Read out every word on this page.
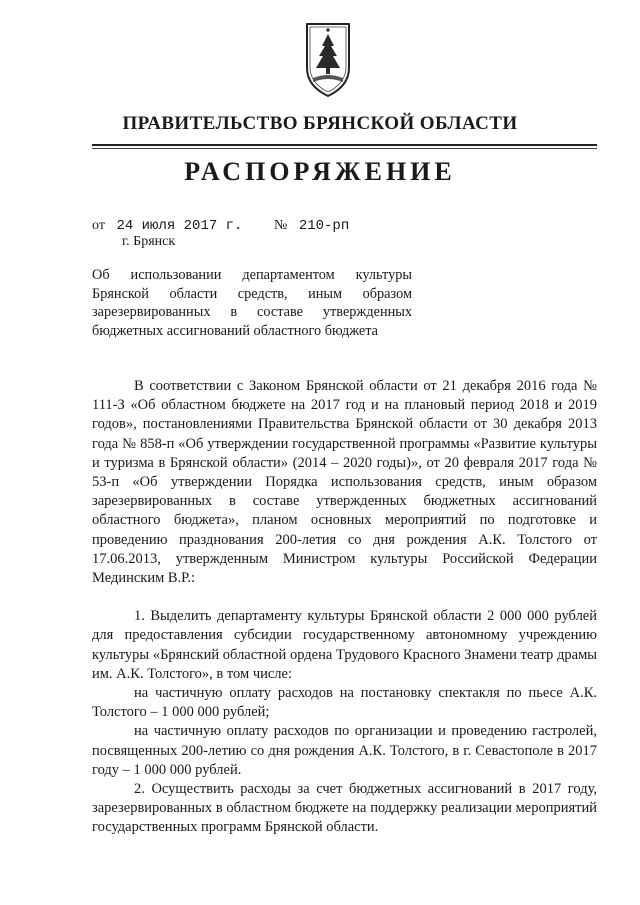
ПРАВИТЕЛЬСТВО БРЯНСКОЙ ОБЛАСТИ
РАСПОРЯЖЕНИЕ
от 24 июля 2017 г. № 210-рп
г. Брянск
Об использовании департаментом культуры Брянской области средств, иным образом зарезервированных в составе утвержденных бюджетных ассигнований областного бюджета

В соответствии с Законом Брянской области от 21 декабря 2016 года № 111-З «Об областном бюджете на 2017 год и на плановый период 2018 и 2019 годов», постановлениями Правительства Брянской области от 30 декабря 2013 года № 858-п «Об утверждении государственной программы «Развитие культуры и туризма в Брянской области» (2014 – 2020 годы)», от 20 февраля 2017 года № 53-п «Об утверждении Порядка использования средств, иным образом зарезервированных в составе утвержденных бюджетных ассигнований областного бюджета», планом основных мероприятий по подготовке и проведению празднования 200-летия со дня рождения А.К. Толстого от 17.06.2013, утвержденным Министром культуры Российской Федерации Мединским В.Р.:

1. Выделить департаменту культуры Брянской области 2 000 000 рублей для предоставления субсидии государственному автономному учреждению культуры «Брянский областной ордена Трудового Красного Знамени театр драмы им. А.К. Толстого», в том числе:

на частичную оплату расходов на постановку спектакля по пьесе А.К. Толстого – 1 000 000 рублей;

на частичную оплату расходов по организации и проведению гастролей, посвященных 200-летию со дня рождения А.К. Толстого, в г. Севастополе в 2017 году – 1 000 000 рублей.

2. Осуществить расходы за счет бюджетных ассигнований в 2017 году, зарезервированных в областном бюджете на поддержку реализации мероприятий государственных программ Брянской области.
